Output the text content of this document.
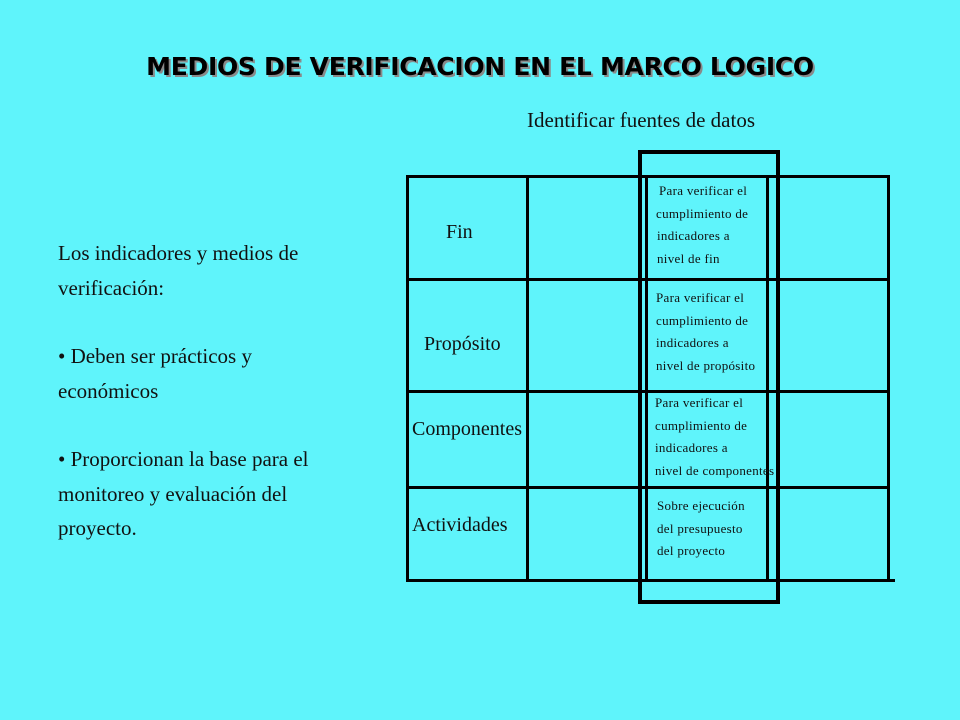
MEDIOS DE VERIFICACION EN EL MARCO LOGICO
Identificar fuentes de datos

Los indicadores y medios de

verificación:

• Deben ser prácticos y

económicos

• Proporcionan la base para el

monitoreo y evaluación del

proyecto.

Fin
Propósito
Componentes
Actividades
Para verificar el
cumplimiento de
indicadores a
nivel de fin
Para verificar el
cumplimiento de
indicadores a
nivel de propósito
Para verificar el
cumplimiento de
indicadores a
nivel de componentes
Sobre ejecución
del presupuesto
del proyecto
